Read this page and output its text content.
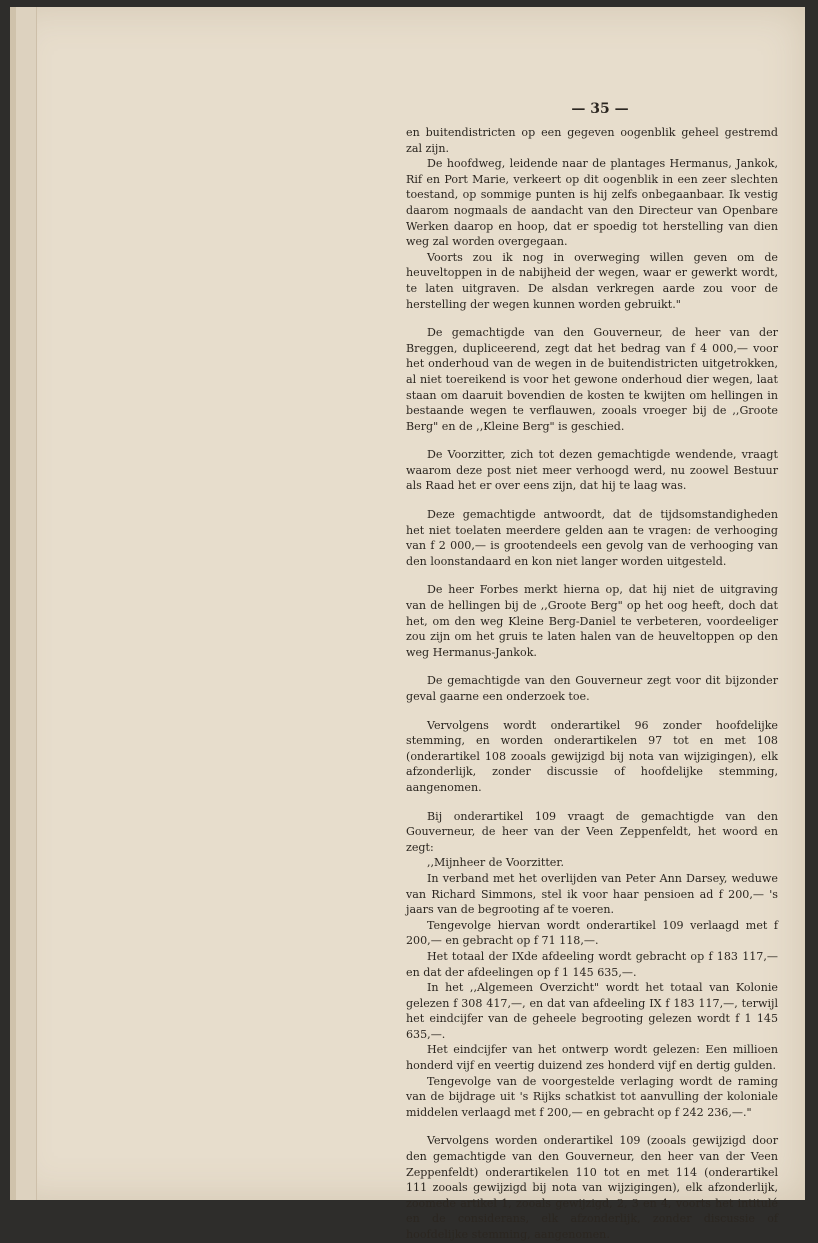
— 35 —

en buitendistricten op een gegeven oogenblik geheel gestremd zal zijn.

De hoofdweg, leidende naar de plantages Hermanus, Jankok, Rif en Port Marie, verkeert op dit oogenblik in een zeer slechten toestand, op sommige punten is hij zelfs onbegaanbaar. Ik vestig daarom nogmaals de aandacht van den Directeur van Openbare Werken daarop en hoop, dat er spoedig tot herstelling van dien weg zal worden overgegaan.

Voorts zou ik nog in overweging willen geven om de heuveltoppen in de nabijheid der wegen, waar er gewerkt wordt, te laten uitgraven. De alsdan verkregen aarde zou voor de herstelling der wegen kunnen worden gebruikt."

De gemachtigde van den Gouverneur, de heer van der Breggen, dupliceerend, zegt dat het bedrag van f 4 000,— voor het onderhoud van de wegen in de buitendistricten uitgetrokken, al niet toereikend is voor het gewone onderhoud dier wegen, laat staan om daaruit bovendien de kosten te kwijten om hellingen in bestaande wegen te verflauwen, zooals vroeger bij de ,,Groote Berg" en de ,,Kleine Berg" is geschied.

De Voorzitter, zich tot dezen gemachtigde wendende, vraagt waarom deze post niet meer verhoogd werd, nu zoowel Bestuur als Raad het er over eens zijn, dat hij te laag was.

Deze gemachtigde antwoordt, dat de tijdsomstandigheden het niet toelaten meerdere gelden aan te vragen: de verhooging van f 2 000,— is grootendeels een gevolg van de verhooging van den loonstandaard en kon niet langer worden uitgesteld.

De heer Forbes merkt hierna op, dat hij niet de uitgraving van de hellingen bij de ,,Groote Berg" op het oog heeft, doch dat het, om den weg Kleine Berg-Daniel te verbeteren, voordeeliger zou zijn om het gruis te laten halen van de heuveltoppen op den weg Hermanus-Jankok.

De gemachtigde van den Gouverneur zegt voor dit bijzonder geval gaarne een onderzoek toe.

Vervolgens wordt onderartikel 96 zonder hoofdelijke stemming, en worden onderartikelen 97 tot en met 108 (onderartikel 108 zooals gewijzigd bij nota van wijzigingen), elk afzonderlijk, zonder discussie of hoofdelijke stemming, aangenomen.

Bij onderartikel 109 vraagt de gemachtigde van den Gouverneur, de heer van der Veen Zeppenfeldt, het woord en zegt:

,,Mijnheer de Voorzitter.

In verband met het overlijden van Peter Ann Darsey, weduwe van Richard Simmons, stel ik voor haar pensioen ad f 200,— 's jaars van de begrooting af te voeren.

Tengevolge hiervan wordt onderartikel 109 verlaagd met f 200,— en gebracht op f 71 118,—.

Het totaal der IXde afdeeling wordt gebracht op f 183 117,— en dat der afdeelingen op f 1 145 635,—.

In het ,,Algemeen Overzicht" wordt het totaal van Kolonie gelezen f 308 417,—, en dat van afdeeling IX f 183 117,—, terwijl het eindcijfer van de geheele begrooting gelezen wordt f 1 145 635,—.

Het eindcijfer van het ontwerp wordt gelezen: Een millioen honderd vijf en veertig duizend zes honderd vijf en dertig gulden.

Tengevolge van de voorgestelde verlaging wordt de raming van de bijdrage uit 's Rijks schatkist tot aanvulling der koloniale middelen verlaagd met f 200,— en gebracht op f 242 236,—."

Vervolgens worden onderartikel 109 (zooals gewijzigd door den gemachtigde van den Gouverneur, den heer van der Veen Zeppenfeldt) onderartikelen 110 tot en met 114 (onderartikel 111 zooals gewijzigd bij nota van wijzigingen), elk afzonderlijk, zoomede artikel 1, zooals gewijzigd, 2, 3 en 4, voorts het intitulé en de considerans, elk afzonderlijk, zonder discussie of hoofdelijke stemming, aangenomen.
